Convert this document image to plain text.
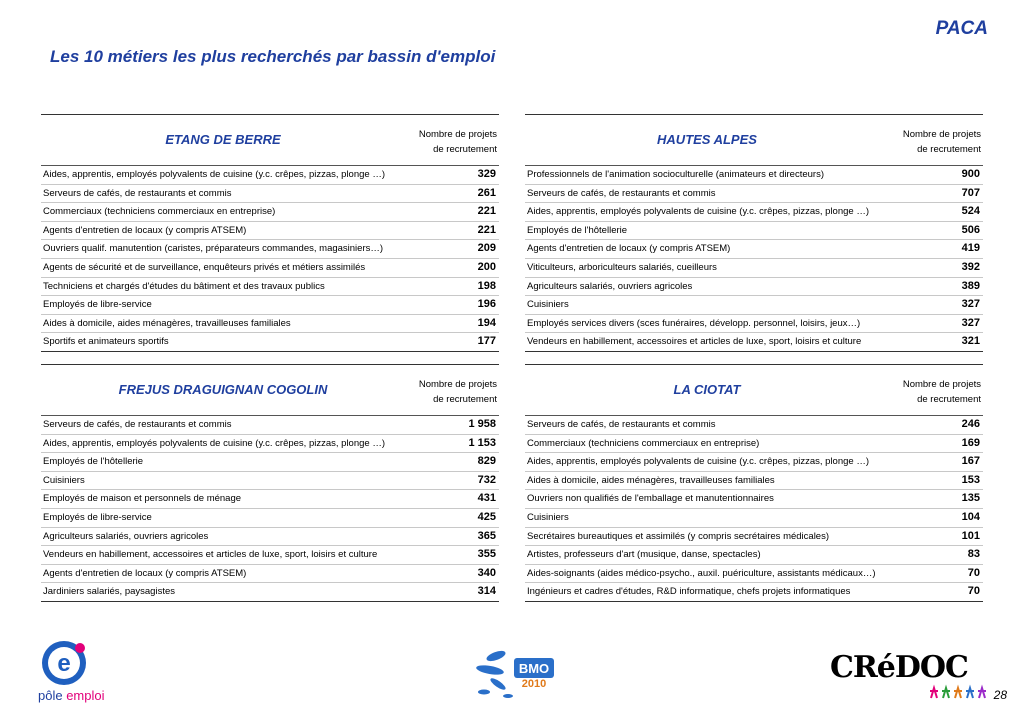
PACA
Les 10 métiers les plus recherchés par bassin d'emploi
ETANG DE BERRE	Nombre de projets
de recrutement
Aides, apprentis, employés polyvalents de cuisine (y.c. crêpes, pizzas, plonge …)	329
Serveurs de cafés, de restaurants et commis	261
Commerciaux (techniciens commerciaux en entreprise)	221
Agents d'entretien de locaux (y compris ATSEM)	221
Ouvriers qualif. manutention (caristes, préparateurs commandes, magasiniers…)	209
Agents de sécurité et de surveillance, enquêteurs privés et métiers assimilés	200
Techniciens et chargés d'études du bâtiment et des travaux publics	198
Employés de libre-service	196
Aides à domicile, aides ménagères, travailleuses familiales	194
Sportifs et animateurs sportifs	177
HAUTES ALPES	Nombre de projets
de recrutement
Professionnels de l'animation socioculturelle (animateurs et directeurs)	900
Serveurs de cafés, de restaurants et commis	707
Aides, apprentis, employés polyvalents de cuisine (y.c. crêpes, pizzas, plonge …)	524
Employés de l'hôtellerie	506
Agents d'entretien de locaux (y compris ATSEM)	419
Viticulteurs, arboriculteurs salariés, cueilleurs	392
Agriculteurs salariés, ouvriers agricoles	389
Cuisiniers	327
Employés services divers (sces funéraires, développ. personnel, loisirs, jeux…)	327
Vendeurs en habillement, accessoires et articles de luxe, sport, loisirs et culture	321
FREJUS DRAGUIGNAN COGOLIN	Nombre de projets
de recrutement
Serveurs de cafés, de restaurants et commis	1 958
Aides, apprentis, employés polyvalents de cuisine (y.c. crêpes, pizzas, plonge …)	1 153
Employés de l'hôtellerie	829
Cuisiniers	732
Employés de maison et personnels de ménage	431
Employés de libre-service	425
Agriculteurs salariés, ouvriers agricoles	365
Vendeurs en habillement, accessoires et articles de luxe, sport, loisirs et culture	355
Agents d'entretien de locaux (y compris ATSEM)	340
Jardiniers salariés, paysagistes	314
LA CIOTAT	Nombre de projets
de recrutement
Serveurs de cafés, de restaurants et commis	246
Commerciaux (techniciens commerciaux en entreprise)	169
Aides, apprentis, employés polyvalents de cuisine (y.c. crêpes, pizzas, plonge …)	167
Aides à domicile, aides ménagères, travailleuses familiales	153
Ouvriers non qualifiés de l'emballage et manutentionnaires	135
Cuisiniers	104
Secrétaires bureautiques et assimilés (y compris secrétaires médicales)	101
Artistes, professeurs d'art (musique, danse, spectacles)	83
Aides-soignants (aides médico-psycho., auxil. puériculture, assistants médicaux…)	70
Ingénieurs et cadres d'études, R&D informatique, chefs projets informatiques	70
e
pôle emploi
BMO
2010	CRéDOC
28
